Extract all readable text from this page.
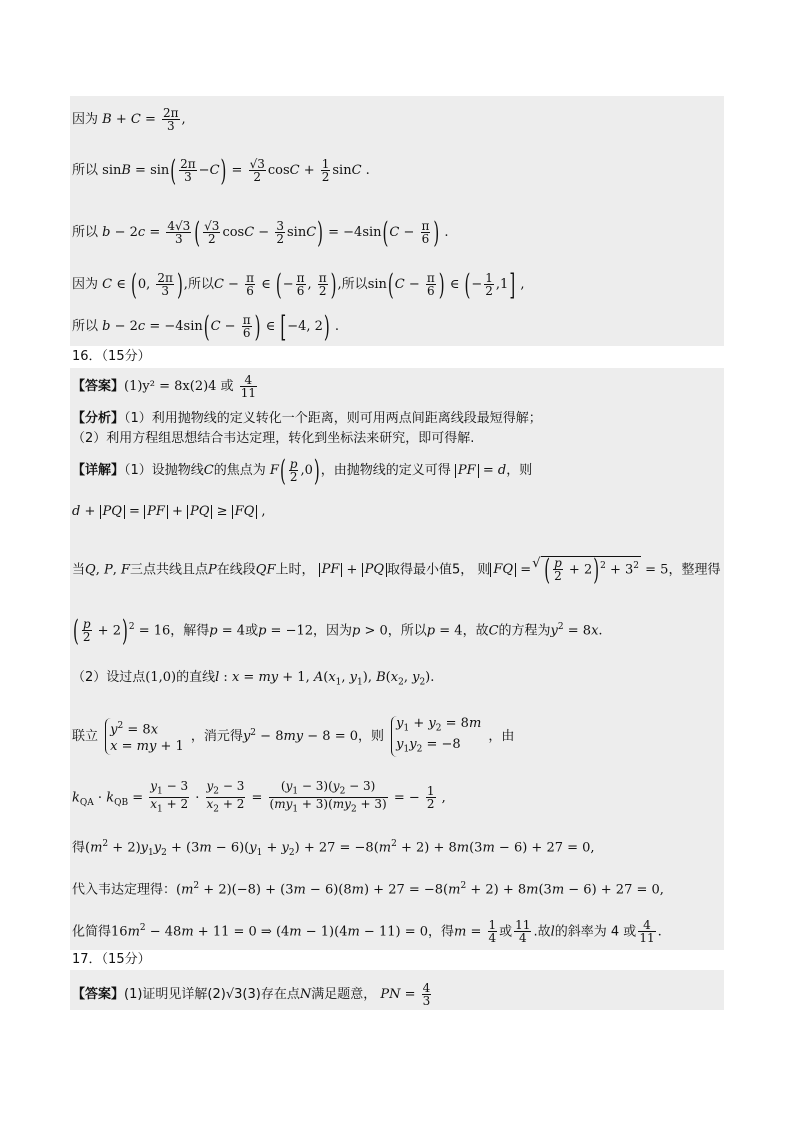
因为 $B + C = \frac{2\pi}{3}$ ,
所以 $\sin B = \sin( \frac{2\pi}{3} -C) = \frac{√3}{2}$ $\cos C + \frac{1}{2}$ sinC .
所以 $b - 2c = \frac{4√3}{3}$ ( $\frac{√3}{2}$ $\cos C - \frac{3}{2} \sin C) = -4\sin(C - \frac{\pi}{6}$ ) .
因为 C ∈ (0, $\frac{2\pi}{3}$ ),所以$C - \frac{\pi}{6}$ ∈ (− $\frac{\pi}{6}$ , $\frac{\pi}{2}$ ),所以$\sin(C - \frac{\pi}{6}$ ) ∈ (− $\frac{1}{2} ,1$] ,
所以 $b - 2c = -4\sin(C - \frac{\pi}{6}$ ) ∈ [−4, 2) .
16．（15分）
【答案】(1)y² = 8x(2)4 或 $\frac{4}{11}$
【分析】（1）利用抛物线的定义转化一个距离，则可用两点间距离线段最短得解；
（2）利用方程组思想结合韦达定理，转化到坐标法来研究，即可得解.
【详解】（1）设抛物线C的焦点为 $F( \frac{p}{2} ,0)$，由抛物线的定义可得 PF = d，则
d + PQ = PF + PQ ≥ FQ ,
当Q, P, F三点共线且点P在线段QF上时， PF + PQ 取得最小值5， 则 FQ = √ ( $\frac{p}{2} + 2)^2 + 3^2 = 5$，整理得
( $\frac{p}{2} + 2)^2 = 16$，解得p = 4或p = −12，因为p > 0，所以p = 4，故C的方程为$y^2 = 8x$.
（2）设过点(1,0)的直线l : x = my + 1, $A(x_1$, $y_1$), $B(x_2$, $y_2$).
联立 $y^2 = 8x$
x = my + 1
，消元得$y^2 - 8my - 8 = 0$，则
$y_1 + y_2 = 8m$
$y_1y_2 = -8$	，由
$k_{QA} \cdot k_{QB} = \frac{y_1 - 3}{x_1 + 2} \cdot \frac{y_2 - 3}{x_2 + 2} = \frac{(y_1 - 3)(y_2 - 3)}{(my_1 + 3)(my_2 + 3)}$ = − $\frac{1}{2}$ ,
得$(m^2 + 2)y_1y_2 + (3m - 6)(y_1 + y_2) + 27 = -8(m^2 + 2) + 8m(3m - 6) + 27 = 0$,
代入韦达定理得：$(m^2 + 2)(-8) + (3m - 6)(8m) + 27 = -8(m^2 + 2) + 8m(3m - 6) + 27 = 0$,
化简得$16m^2 - 48m + 11 = 0$ ⇒ (4m − 1)(4m − 11) = 0，得$m = \frac{1}{4}$ 或 $\frac{11}{4}$ .故l的斜率为 4 或 $\frac{4}{11}$ .
17．（15分）
【答案】(1)证明见详解(2)√3(3)存在点N满足题意， PN = $\frac{4}{3}$
